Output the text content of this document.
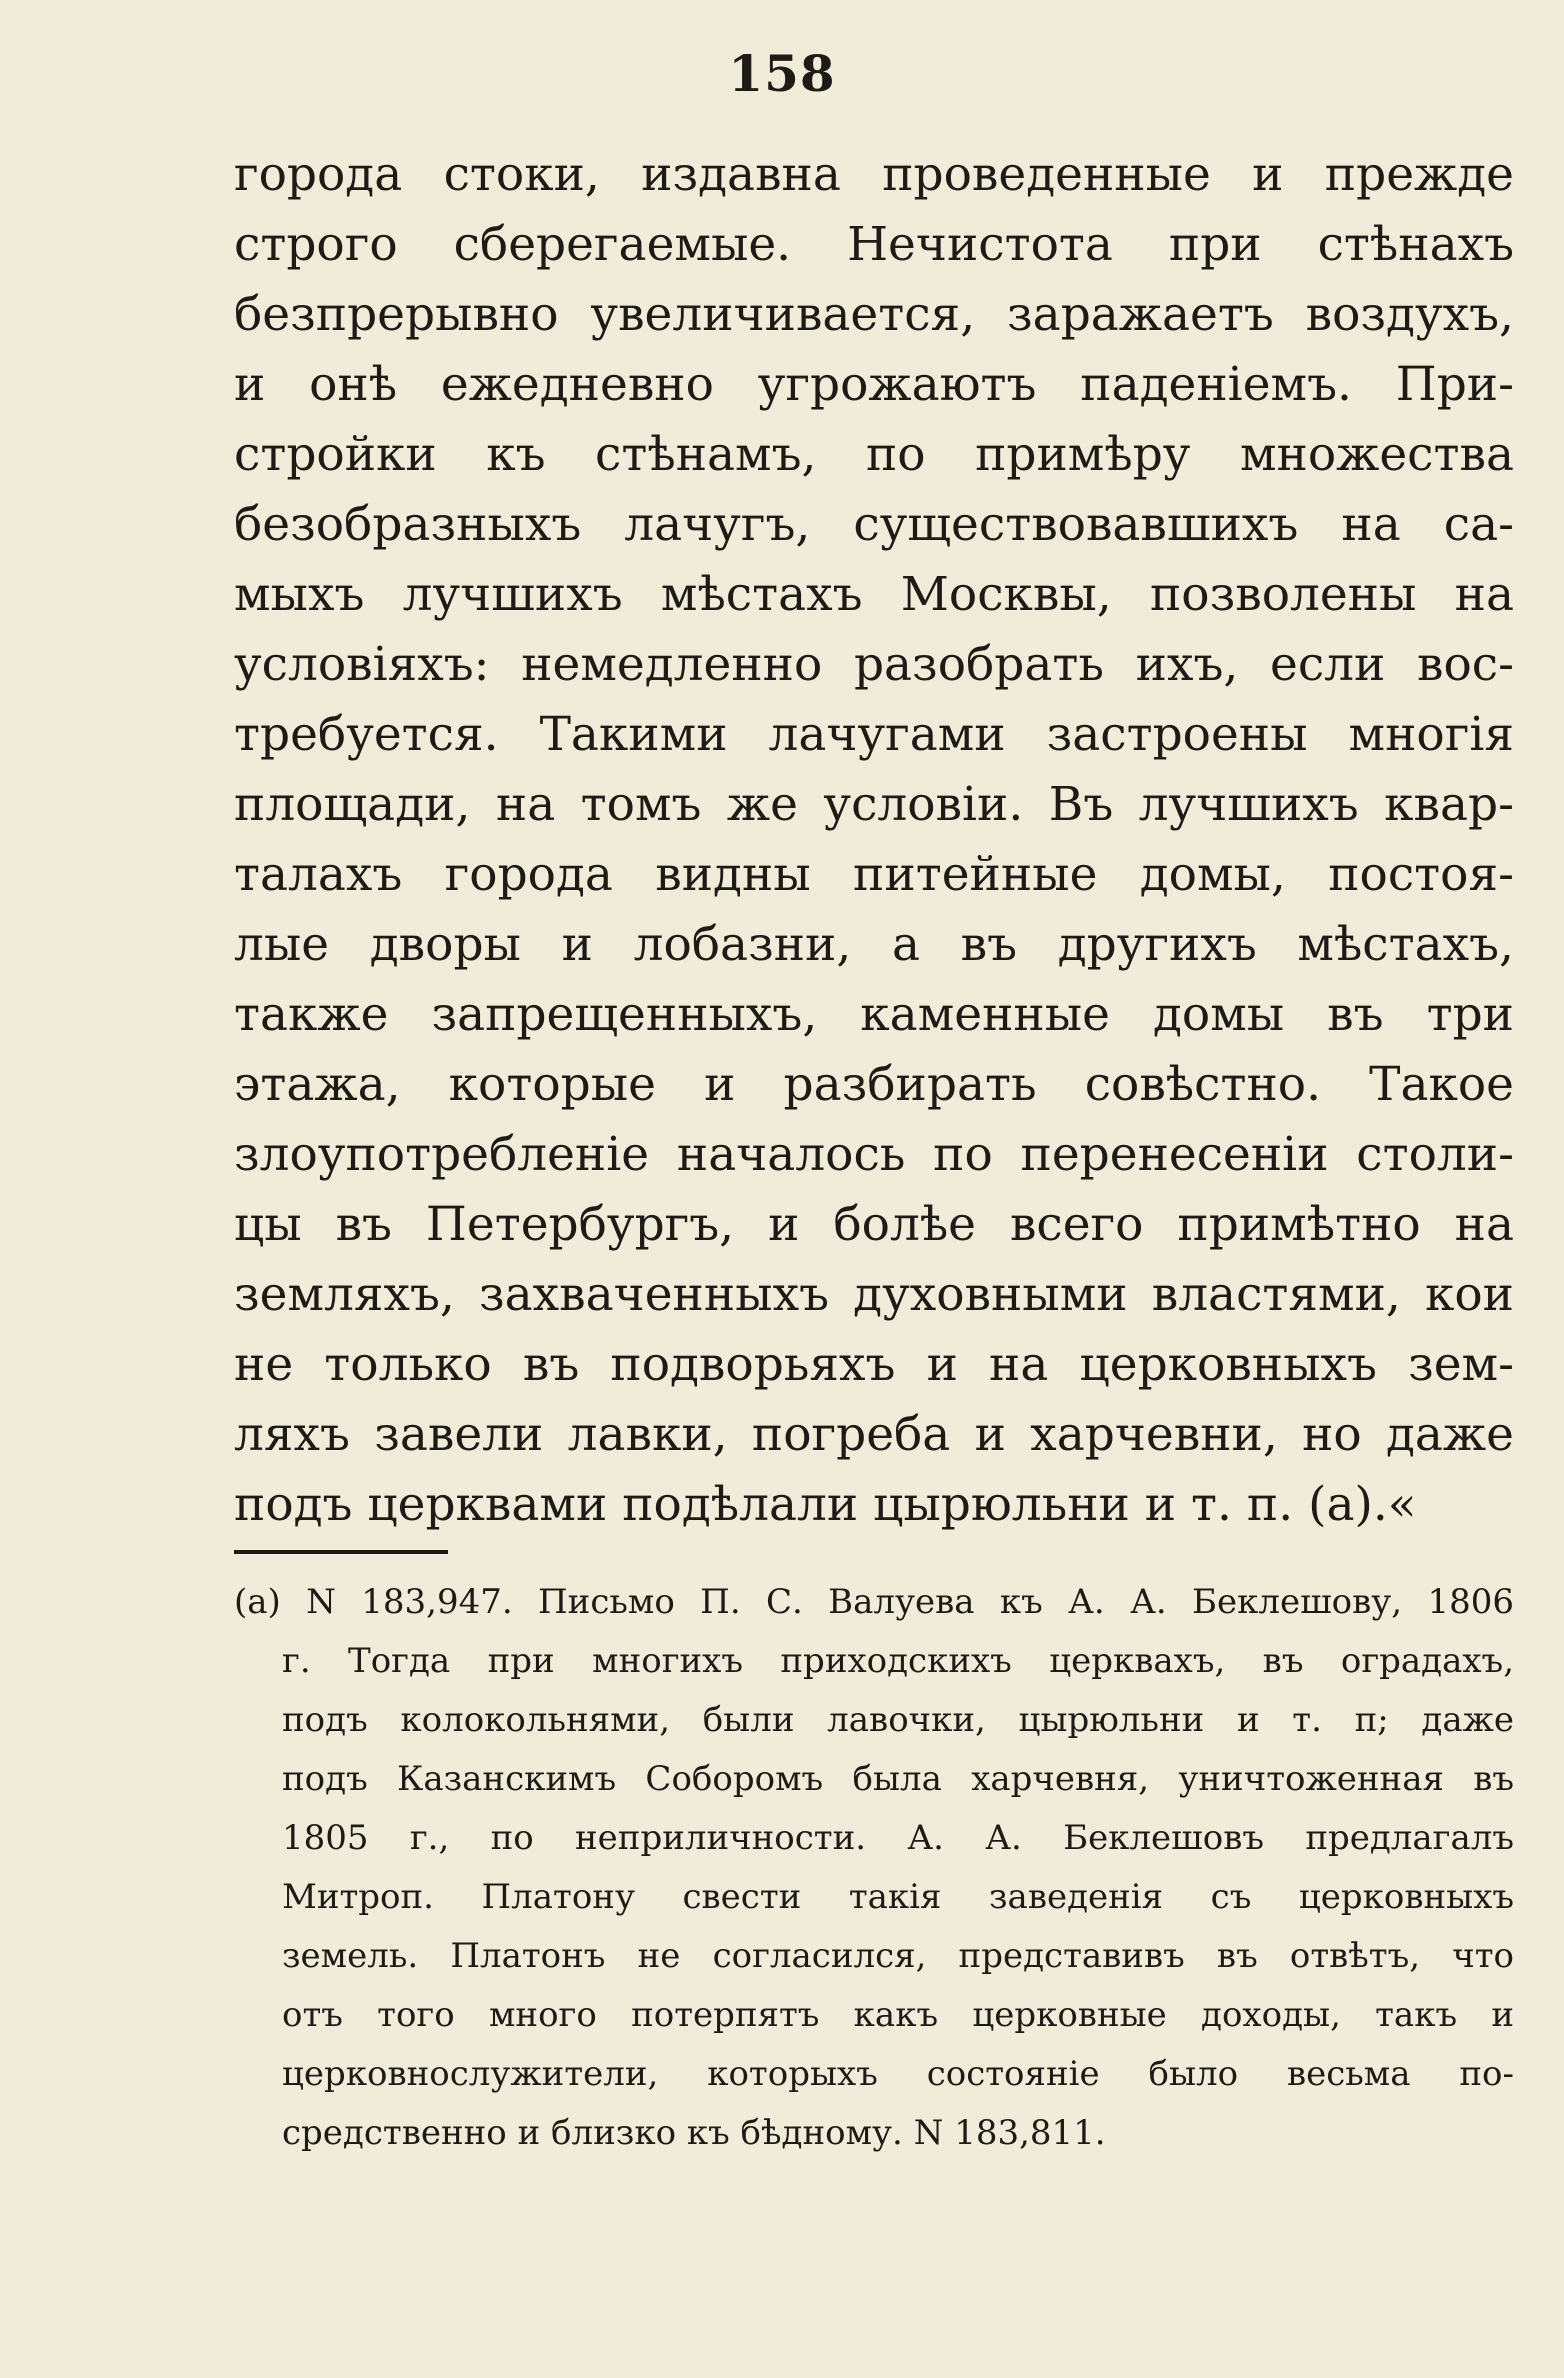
158
города стоки, издавна проведенные и прежде
строго сберегаемые. Нечистота при стѣнахъ
безпрерывно увеличивается, заражаетъ воздухъ,
и онѣ ежедневно угрожаютъ паденiемъ. При-
стройки къ стѣнамъ, по примѣру множества
безобразныхъ лачугъ, существовавшихъ на са-
мыхъ лучшихъ мѣстахъ Москвы, позволены на
условiяхъ: немедленно разобрать ихъ, если вос-
требуется. Такими лачугами застроены многiя
площади, на томъ же условiи. Въ лучшихъ квар-
талахъ города видны питейные домы, постоя-
лые дворы и лобазни, а въ другихъ мѣстахъ,
также запрещенныхъ, каменные домы въ три
этажа, которые и разбирать совѣстно. Такое
злоупотребленiе началось по перенесенiи столи-
цы въ Петербургъ, и болѣе всего примѣтно на
земляхъ, захваченныхъ духовными властями, кои
не только въ подворьяхъ и на церковныхъ зем-
ляхъ завели лавки, погреба и харчевни, но даже
подъ церквами подѣлали цырюльни и т. п. (а).«
(а) N 183,947. Письмо П. С. Валуева къ А. А. Беклешову, 1806
г. Тогда при многихъ приходскихъ церквахъ, въ оградахъ,
подъ колокольнями, были лавочки, цырюльни и т. п; даже
подъ Казанскимъ Соборомъ была харчевня, уничтоженная въ
1805 г., по неприличности. А. А. Беклешовъ предлагалъ
Митроп. Платону свести такiя заведенiя съ церковныхъ
земель. Платонъ не согласился, представивъ въ отвѣтъ, что
отъ того много потерпятъ какъ церковные доходы, такъ и
церковнослужители, которыхъ состоянiе было весьма по-
средственно и близко къ бѣдному. N 183,811.
